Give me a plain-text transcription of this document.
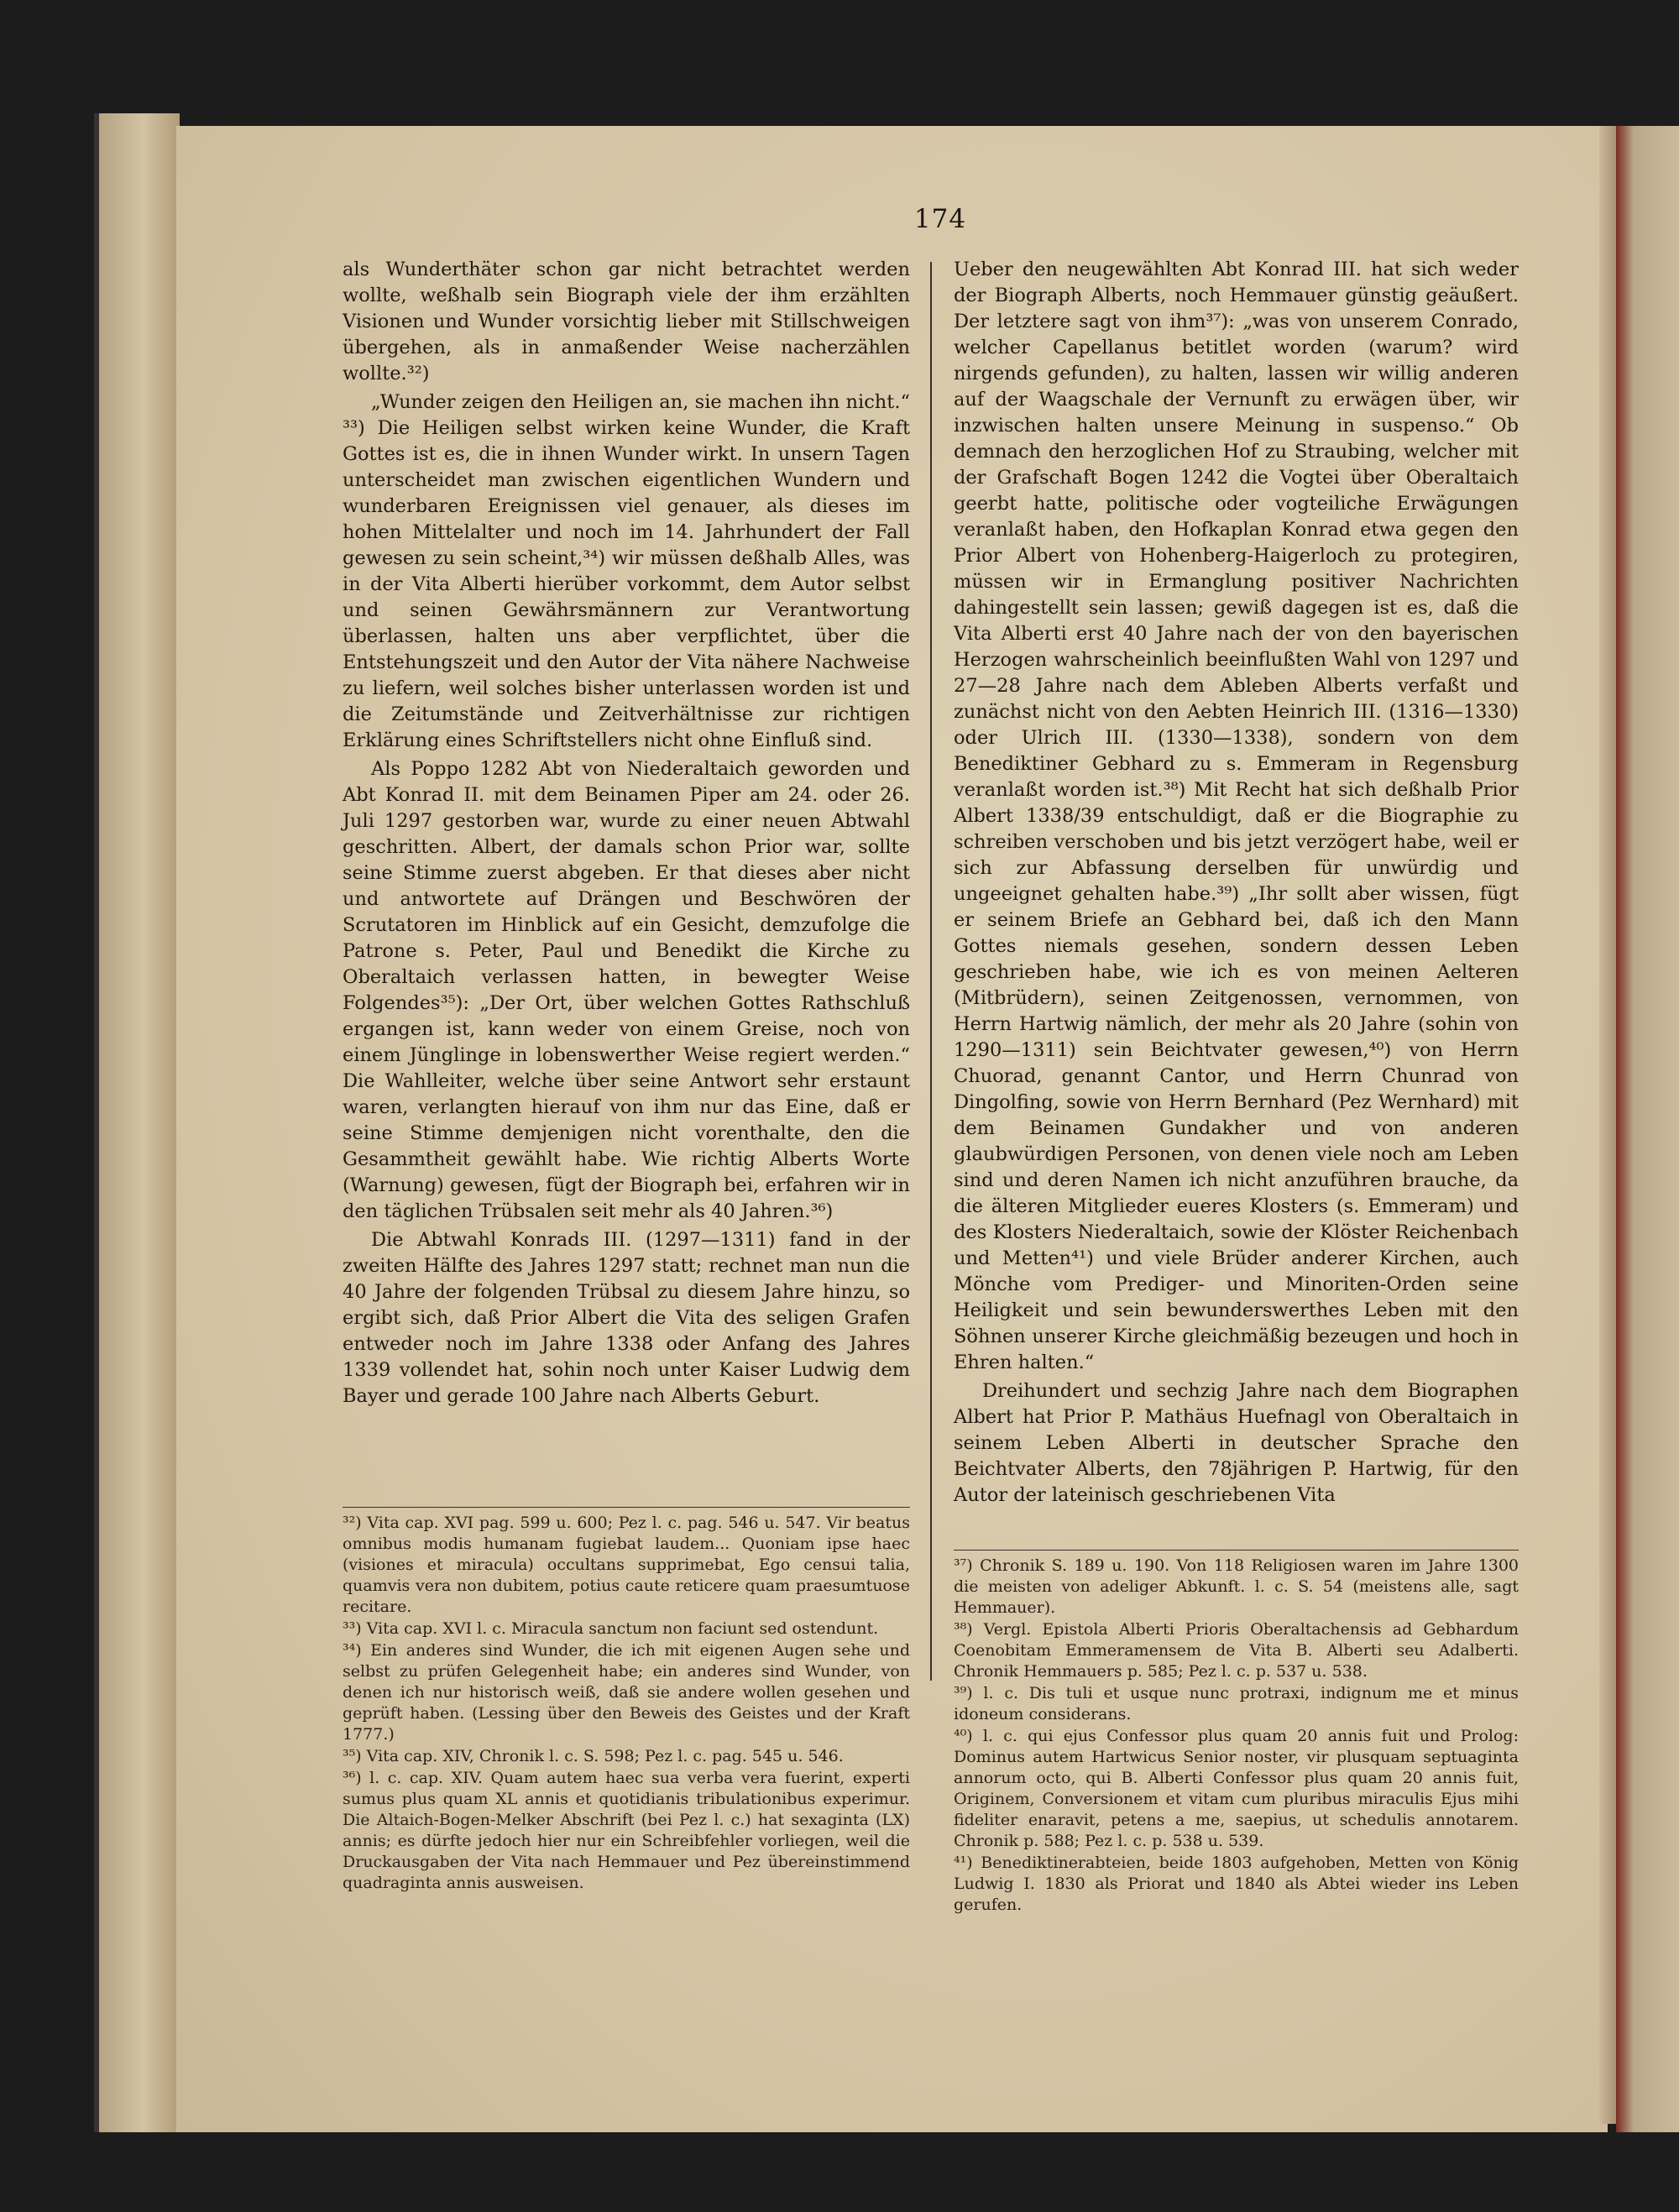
174

als Wunderthäter schon gar nicht betrachtet werden wollte, weßhalb sein Biograph viele der ihm erzählten Visionen und Wunder vorsichtig lieber mit Stillschweigen übergehen, als in anmaßender Weise nacherzählen wollte.³²)

„Wunder zeigen den Heiligen an, sie machen ihn nicht.“ ³³) Die Heiligen selbst wirken keine Wunder, die Kraft Gottes ist es, die in ihnen Wunder wirkt. In unsern Tagen unterscheidet man zwischen eigentlichen Wundern und wunderbaren Ereignissen viel genauer, als dieses im hohen Mittelalter und noch im 14. Jahrhundert der Fall gewesen zu sein scheint,³⁴) wir müssen deßhalb Alles, was in der Vita Alberti hierüber vorkommt, dem Autor selbst und seinen Gewährsmännern zur Verantwortung überlassen, halten uns aber verpflichtet, über die Entstehungszeit und den Autor der Vita nähere Nachweise zu liefern, weil solches bisher unterlassen worden ist und die Zeitumstände und Zeitverhältnisse zur richtigen Erklärung eines Schriftstellers nicht ohne Einfluß sind.

Als Poppo 1282 Abt von Niederaltaich geworden und Abt Konrad II. mit dem Beinamen Piper am 24. oder 26. Juli 1297 gestorben war, wurde zu einer neuen Abtwahl geschritten. Albert, der damals schon Prior war, sollte seine Stimme zuerst abgeben. Er that dieses aber nicht und antwortete auf Drängen und Beschwören der Scrutatoren im Hinblick auf ein Gesicht, demzufolge die Patrone s. Peter, Paul und Benedikt die Kirche zu Oberaltaich verlassen hatten, in bewegter Weise Folgendes³⁵): „Der Ort, über welchen Gottes Rathschluß ergangen ist, kann weder von einem Greise, noch von einem Jünglinge in lobenswerther Weise regiert werden.“ Die Wahlleiter, welche über seine Antwort sehr erstaunt waren, verlangten hierauf von ihm nur das Eine, daß er seine Stimme demjenigen nicht vorenthalte, den die Gesammtheit gewählt habe. Wie richtig Alberts Worte (Warnung) gewesen, fügt der Biograph bei, erfahren wir in den täglichen Trübsalen seit mehr als 40 Jahren.³⁶)

Die Abtwahl Konrads III. (1297—1311) fand in der zweiten Hälfte des Jahres 1297 statt; rechnet man nun die 40 Jahre der folgenden Trübsal zu diesem Jahre hinzu, so ergibt sich, daß Prior Albert die Vita des seligen Grafen entweder noch im Jahre 1338 oder Anfang des Jahres 1339 vollendet hat, sohin noch unter Kaiser Ludwig dem Bayer und gerade 100 Jahre nach Alberts Geburt.

Ueber den neugewählten Abt Konrad III. hat sich weder der Biograph Alberts, noch Hemmauer günstig geäußert. Der letztere sagt von ihm³⁷): „was von unserem Conrado, welcher Capellanus betitlet worden (warum? wird nirgends gefunden), zu halten, lassen wir willig anderen auf der Waagschale der Vernunft zu erwägen über, wir inzwischen halten unsere Meinung in suspenso.“ Ob demnach den herzoglichen Hof zu Straubing, welcher mit der Grafschaft Bogen 1242 die Vogtei über Oberaltaich geerbt hatte, politische oder vogteiliche Erwägungen veranlaßt haben, den Hofkaplan Konrad etwa gegen den Prior Albert von Hohenberg-Haigerloch zu protegiren, müssen wir in Ermanglung positiver Nachrichten dahingestellt sein lassen; gewiß dagegen ist es, daß die Vita Alberti erst 40 Jahre nach der von den bayerischen Herzogen wahrscheinlich beeinflußten Wahl von 1297 und 27—28 Jahre nach dem Ableben Alberts verfaßt und zunächst nicht von den Aebten Heinrich III. (1316—1330) oder Ulrich III. (1330—1338), sondern von dem Benediktiner Gebhard zu s. Emmeram in Regensburg veranlaßt worden ist.³⁸) Mit Recht hat sich deßhalb Prior Albert 1338/39 entschuldigt, daß er die Biographie zu schreiben verschoben und bis jetzt verzögert habe, weil er sich zur Abfassung derselben für unwürdig und ungeeignet gehalten habe.³⁹) „Ihr sollt aber wissen, fügt er seinem Briefe an Gebhard bei, daß ich den Mann Gottes niemals gesehen, sondern dessen Leben geschrieben habe, wie ich es von meinen Aelteren (Mitbrüdern), seinen Zeitgenossen, vernommen, von Herrn Hartwig nämlich, der mehr als 20 Jahre (sohin von 1290—1311) sein Beichtvater gewesen,⁴⁰) von Herrn Chuorad, genannt Cantor, und Herrn Chunrad von Dingolfing, sowie von Herrn Bernhard (Pez Wernhard) mit dem Beinamen Gundakher und von anderen glaubwürdigen Personen, von denen viele noch am Leben sind und deren Namen ich nicht anzuführen brauche, da die älteren Mitglieder eueres Klosters (s. Emmeram) und des Klosters Niederaltaich, sowie der Klöster Reichenbach und Metten⁴¹) und viele Brüder anderer Kirchen, auch Mönche vom Prediger- und Minoriten-Orden seine Heiligkeit und sein bewunderswerthes Leben mit den Söhnen unserer Kirche gleichmäßig bezeugen und hoch in Ehren halten.“

Dreihundert und sechzig Jahre nach dem Biographen Albert hat Prior P. Mathäus Huefnagl von Oberaltaich in seinem Leben Alberti in deutscher Sprache den Beichtvater Alberts, den 78jährigen P. Hartwig, für den Autor der lateinisch geschriebenen Vita

³²) Vita cap. XVI pag. 599 u. 600; Pez l. c. pag. 546 u. 547. Vir beatus omnibus modis humanam fugiebat laudem... Quoniam ipse haec (visiones et miracula) occultans supprimebat, Ego censui talia, quamvis vera non dubitem, potius caute reticere quam praesumtuose recitare.

³³) Vita cap. XVI l. c. Miracula sanctum non faciunt sed ostendunt.

³⁴) Ein anderes sind Wunder, die ich mit eigenen Augen sehe und selbst zu prüfen Gelegenheit habe; ein anderes sind Wunder, von denen ich nur historisch weiß, daß sie andere wollen gesehen und geprüft haben. (Lessing über den Beweis des Geistes und der Kraft 1777.)

³⁵) Vita cap. XIV, Chronik l. c. S. 598; Pez l. c. pag. 545 u. 546.

³⁶) l. c. cap. XIV. Quam autem haec sua verba vera fuerint, experti sumus plus quam XL annis et quotidianis tribulationibus experimur. Die Altaich-Bogen-Melker Abschrift (bei Pez l. c.) hat sexaginta (LX) annis; es dürfte jedoch hier nur ein Schreibfehler vorliegen, weil die Druckausgaben der Vita nach Hemmauer und Pez übereinstimmend quadraginta annis ausweisen.

³⁷) Chronik S. 189 u. 190. Von 118 Religiosen waren im Jahre 1300 die meisten von adeliger Abkunft. l. c. S. 54 (meistens alle, sagt Hemmauer).

³⁸) Vergl. Epistola Alberti Prioris Oberaltachensis ad Gebhardum Coenobitam Emmeramensem de Vita B. Alberti seu Adalberti. Chronik Hemmauers p. 585; Pez l. c. p. 537 u. 538.

³⁹) l. c. Dis tuli et usque nunc protraxi, indignum me et minus idoneum considerans.

⁴⁰) l. c. qui ejus Confessor plus quam 20 annis fuit und Prolog: Dominus autem Hartwicus Senior noster, vir plusquam septuaginta annorum octo, qui B. Alberti Confessor plus quam 20 annis fuit, Originem, Conversionem et vitam cum pluribus miraculis Ejus mihi fideliter enaravit, petens a me, saepius, ut schedulis annotarem. Chronik p. 588; Pez l. c. p. 538 u. 539.

⁴¹) Benediktinerabteien, beide 1803 aufgehoben, Metten von König Ludwig I. 1830 als Priorat und 1840 als Abtei wieder ins Leben gerufen.
